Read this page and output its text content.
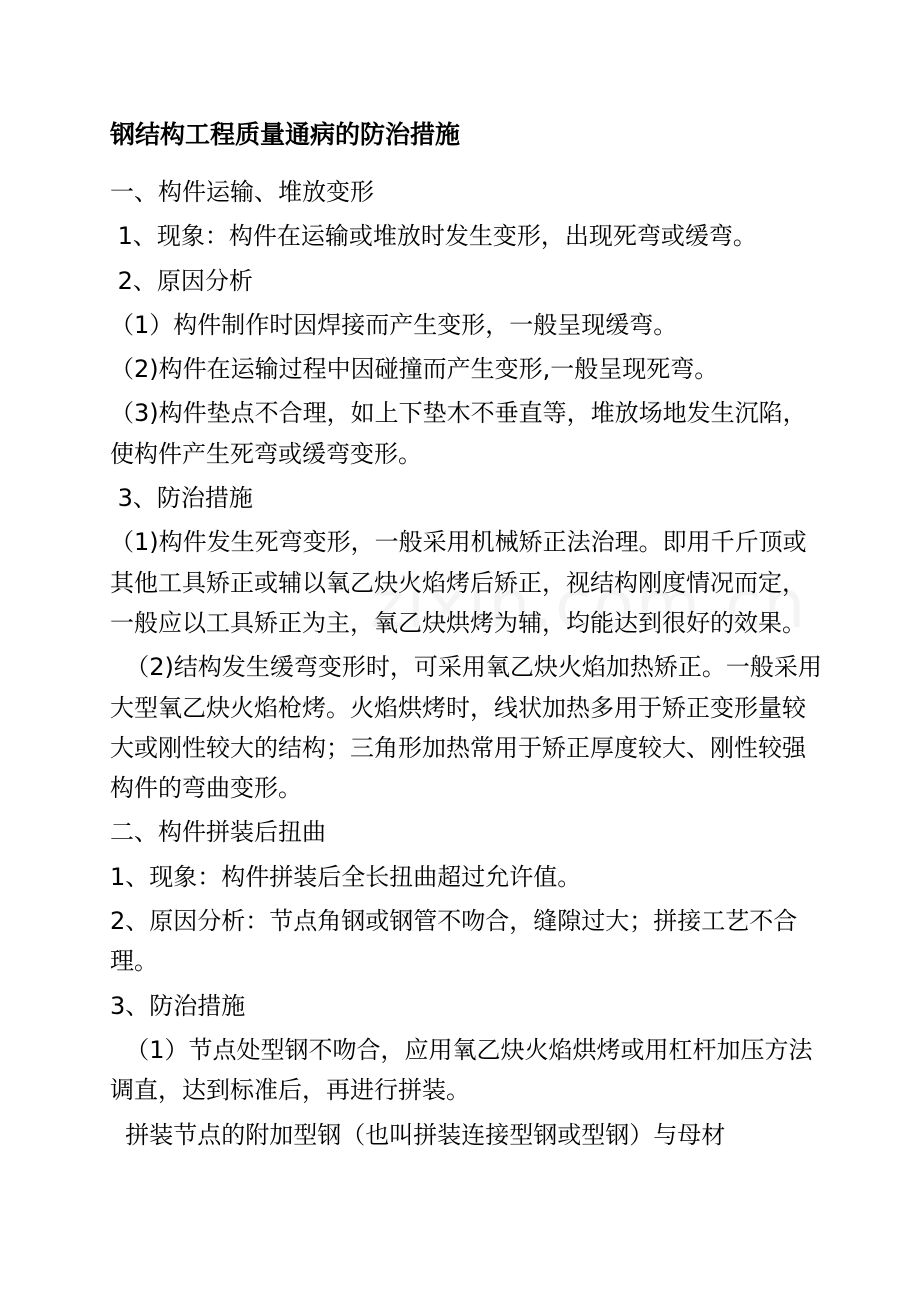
钢结构工程质量通病的防治措施

一、构件运输、堆放变形

1、现象：构件在运输或堆放时发生变形，出现死弯或缓弯。

2、原因分析

（1）构件制作时因焊接而产生变形，一般呈现缓弯。

（2)构件在运输过程中因碰撞而产生变形,一般呈现死弯。

（3)构件垫点不合理，如上下垫木不垂直等，堆放场地发生沉陷，使构件产生死弯或缓弯变形。

3、防治措施

（1)构件发生死弯变形，一般采用机械矫正法治理。即用千斤顶或其他工具矫正或辅以氧乙炔火焰烤后矫正，视结构刚度情况而定，一般应以工具矫正为主，氧乙炔烘烤为辅，均能达到很好的效果。

（2)结构发生缓弯变形时，可采用氧乙炔火焰加热矫正。一般采用大型氧乙炔火焰枪烤。火焰烘烤时，线状加热多用于矫正变形量较大或刚性较大的结构；三角形加热常用于矫正厚度较大、刚性较强构件的弯曲变形。

二、构件拼装后扭曲

1、现象：构件拼装后全长扭曲超过允许值。

2、原因分析：节点角钢或钢管不吻合，缝隙过大；拼接工艺不合理。

3、防治措施

（1）节点处型钢不吻合，应用氧乙炔火焰烘烤或用杠杆加压方法调直，达到标准后，再进行拼装。

拼装节点的附加型钢（也叫拼装连接型钢或型钢）与母材
